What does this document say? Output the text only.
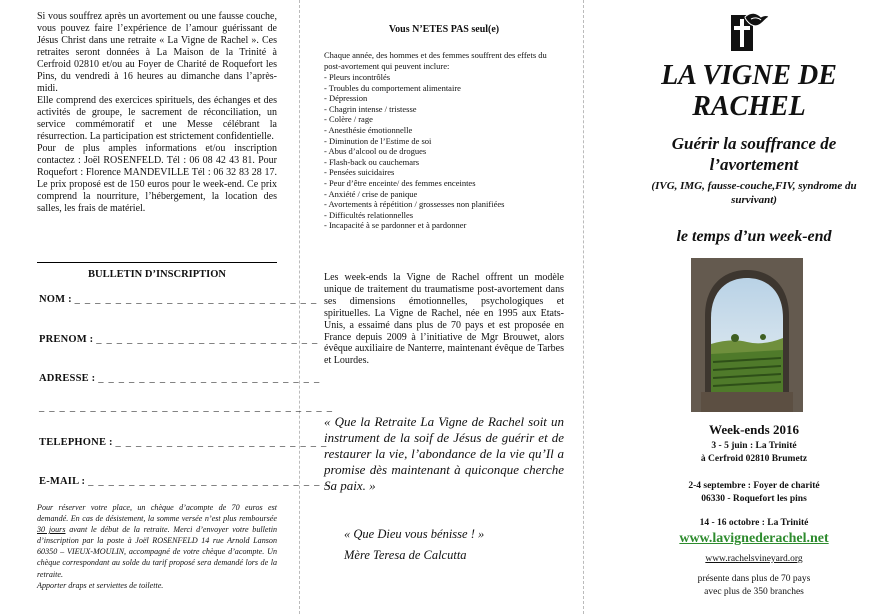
Si vous souffrez après un avortement ou une fausse couche, vous pouvez faire l’expérience de l’amour guérissant de Jésus Christ dans une retraite « La Vigne de Rachel ». Ces retraites seront données à La Maison de la Trinité à Cerfroid 02810 et/ou au Foyer de Charité de Roquefort les Pins, du vendredi à 16 heures au dimanche dans l’après-midi.

Elle comprend des exercices spirituels, des échanges et des activités de groupe, le sacrement de réconciliation, un service commémoratif et une Messe célébrant la résurrection. La participation est strictement confidentielle.

Pour de plus amples informations et/ou inscription contactez : Joël ROSENFELD. Tél : 06 08 42 43 81. Pour Roquefort : Florence MANDEVILLE Tél : 06 32 83 28 17. Le prix proposé est de 150 euros pour le week-end. Ce prix comprend la nourriture, l’hébergement, la location des salles, les frais de matériel.

BULLETIN D’INSCRIPTION
NOM : _ _ _ _ _ _ _ _ _ _ _ _ _ _ _ _ _ _ _ _ _ _ _ _
PRENOM : _ _ _ _ _ _ _ _ _ _ _ _ _ _ _ _ _ _ _ _ _ _
ADRESSE : _ _ _ _ _ _ _ _ _ _ _ _ _ _ _ _ _ _ _ _ _ _
_ _ _ _ _ _ _ _ _ _ _ _ _ _ _ _ _ _ _ _ _ _ _ _ _ _ _ _ _
TELEPHONE : _ _ _ _ _ _ _ _ _ _ _ _ _ _ _ _ _ _ _ _ _
E-MAIL : _ _ _ _ _ _ _ _ _ _ _ _ _ _ _ _ _ _ _ _ _ _ _ _

Pour réserver votre place, un chèque d’acompte de 70 euros est demandé. En cas de désistement, la somme versée n’est plus remboursée 30 jours avant le début de la retraite. Merci d’envoyer votre bulletin d’inscription par la poste à Joël ROSENFELD 14 rue Arnold Lanson 60350 – VIEUX-MOULIN, accompagné de votre chèque d’acompte. Un chèque correspondant au solde du tarif proposé sera demandé lors de la retraite.

Apporter draps et serviettes de toilette.

Vous N’ETES PAS seul(e)
Chaque année, des hommes et des femmes souffrent des effets du post-avortement qui peuvent inclure:
- Pleurs incontrôlés
- Troubles du comportement alimentaire
- Dépression
- Chagrin intense / tristesse
- Colère / rage
- Anesthésie émotionnelle
- Diminution de l’Estime de soi
- Abus d’alcool ou de drogues
- Flash-back ou cauchemars
- Pensées suicidaires
- Peur d’être enceinte/ des femmes enceintes
- Anxiété / crise de panique
- Avortements à répétition / grossesses non planifiées
- Difficultés relationnelles
- Incapacité à se pardonner et à pardonner

Les week-ends la Vigne de Rachel offrent un modèle unique de traitement du traumatisme post-avortement dans ses dimensions émotionnelles, psychologiques et spirituelles. La Vigne de Rachel, née en 1995 aux Etats-Unis, a essaimé dans plus de 70 pays et est proposée en France depuis 2009 à l’initiative de Mgr Brouwet, alors évêque auxiliaire de Nanterre, maintenant évêque de Tarbes et Lourdes.

« Que la Retraite La Vigne de Rachel soit un instrument de la soif de Jésus de guérir et de restaurer la vie, l’abondance de la vie qu’Il a promise dès maintenant à quiconque cherche Sa paix. »

« Que Dieu vous bénisse ! »

Mère Teresa de Calcutta

LA VIGNE DE RACHEL

Guérir la souffrance de l’avortement

(IVG, IMG, fausse-couche,FIV, syndrome du survivant)

le temps d’un week-end

Week-ends 2016

3 - 5 juin : La Trinité

à Cerfroid 02810 Brumetz

2-4 septembre : Foyer de charité

06330 - Roquefort les pins

14 - 16 octobre : La Trinité

www.lavignederachel.net

www.rachelsvineyard.org

présente dans plus de 70 pays

avec plus de 350 branches
